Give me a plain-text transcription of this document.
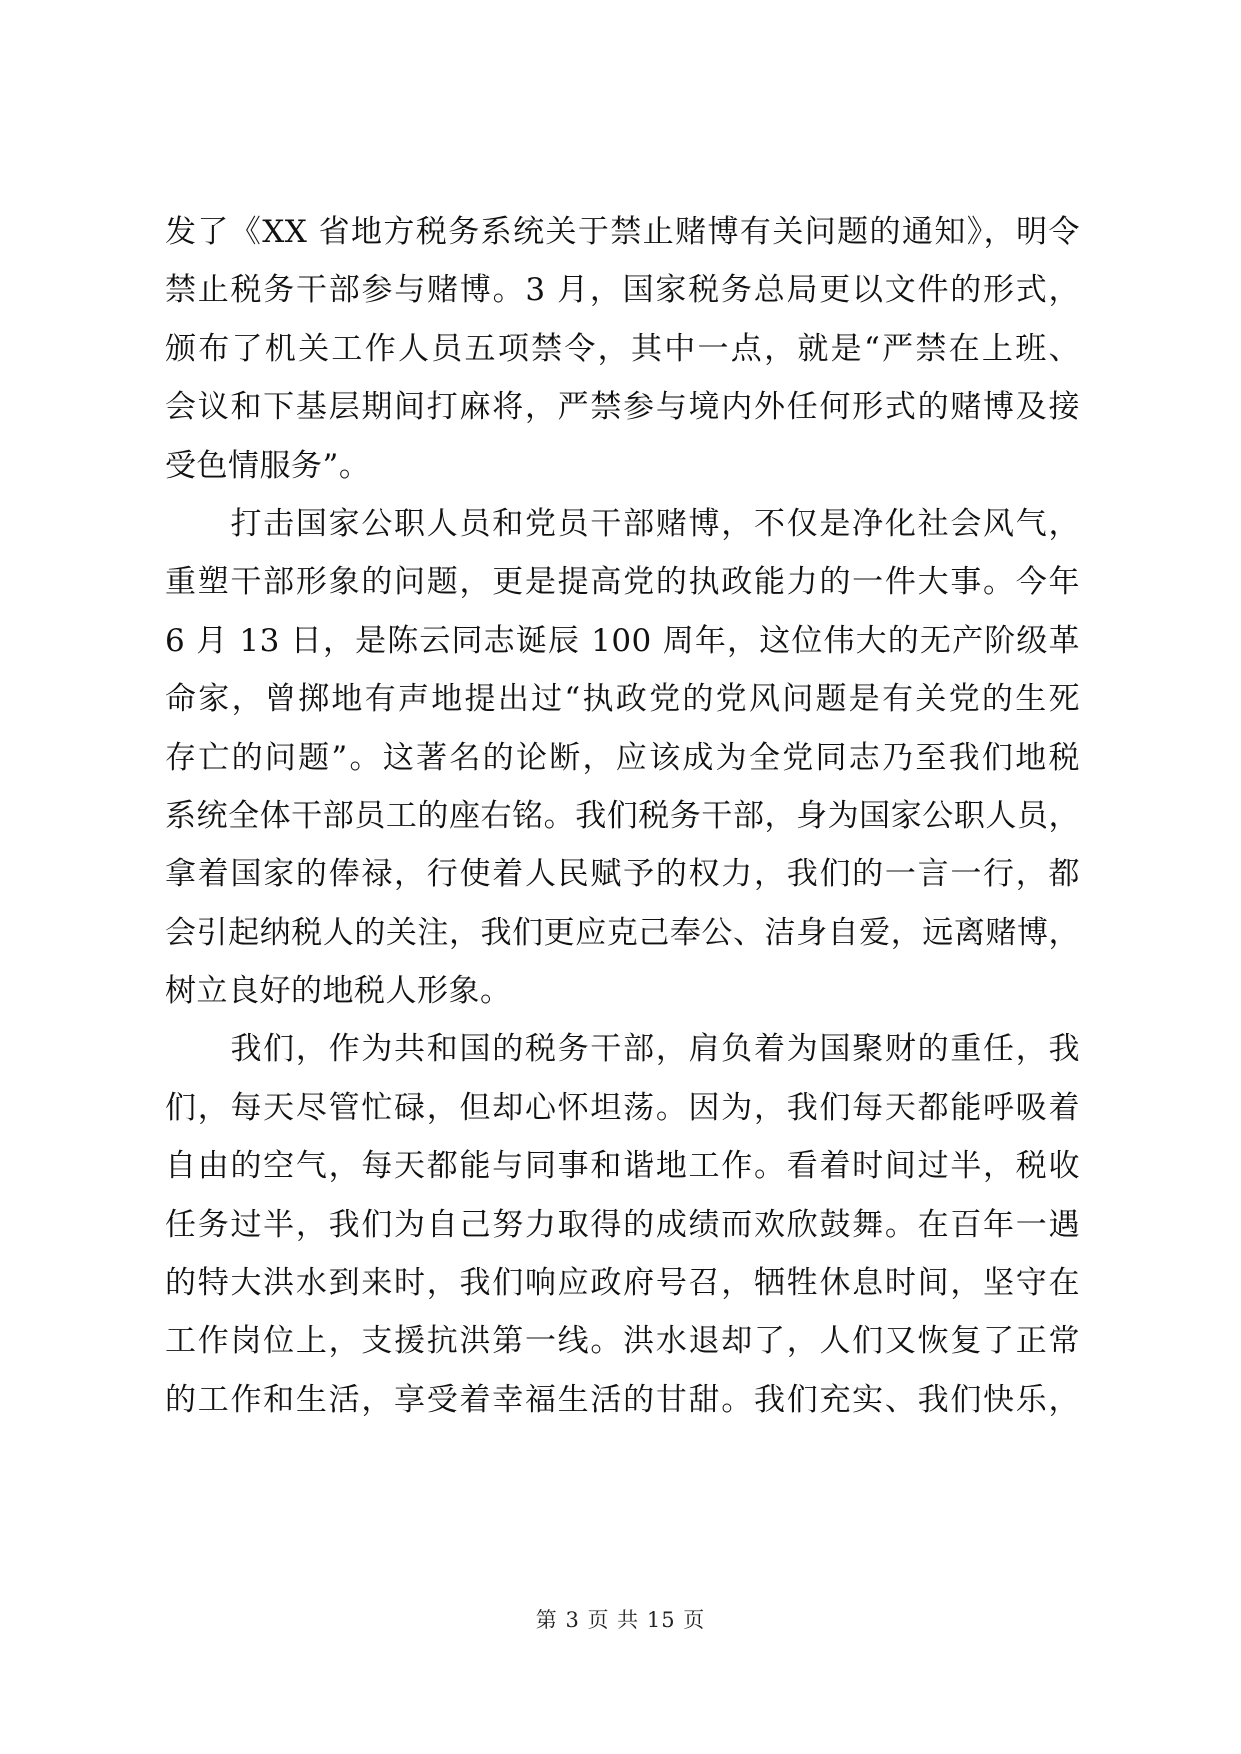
发了《XX 省地方税务系统关于禁止赌博有关问题的通知》，明令
禁止税务干部参与赌博。3 月，国家税务总局更以文件的形式，
颁布了机关工作人员五项禁令，其中一点，就是“严禁在上班、
会议和下基层期间打麻将，严禁参与境内外任何形式的赌博及接
受色情服务”。
　　打击国家公职人员和党员干部赌博，不仅是净化社会风气，
重塑干部形象的问题，更是提高党的执政能力的一件大事。今年
6 月 13 日，是陈云同志诞辰 100 周年，这位伟大的无产阶级革
命家，曾掷地有声地提出过“执政党的党风问题是有关党的生死
存亡的问题”。这著名的论断，应该成为全党同志乃至我们地税
系统全体干部员工的座右铭。我们税务干部，身为国家公职人员，
拿着国家的俸禄，行使着人民赋予的权力，我们的一言一行，都
会引起纳税人的关注，我们更应克己奉公、洁身自爱，远离赌博，
树立良好的地税人形象。
　　我们，作为共和国的税务干部，肩负着为国聚财的重任，我
们，每天尽管忙碌，但却心怀坦荡。因为，我们每天都能呼吸着
自由的空气，每天都能与同事和谐地工作。看着时间过半，税收
任务过半，我们为自己努力取得的成绩而欢欣鼓舞。在百年一遇
的特大洪水到来时，我们响应政府号召，牺牲休息时间，坚守在
工作岗位上，支援抗洪第一线。洪水退却了，人们又恢复了正常
的工作和生活，享受着幸福生活的甘甜。我们充实、我们快乐，
第 3 页 共 15 页
